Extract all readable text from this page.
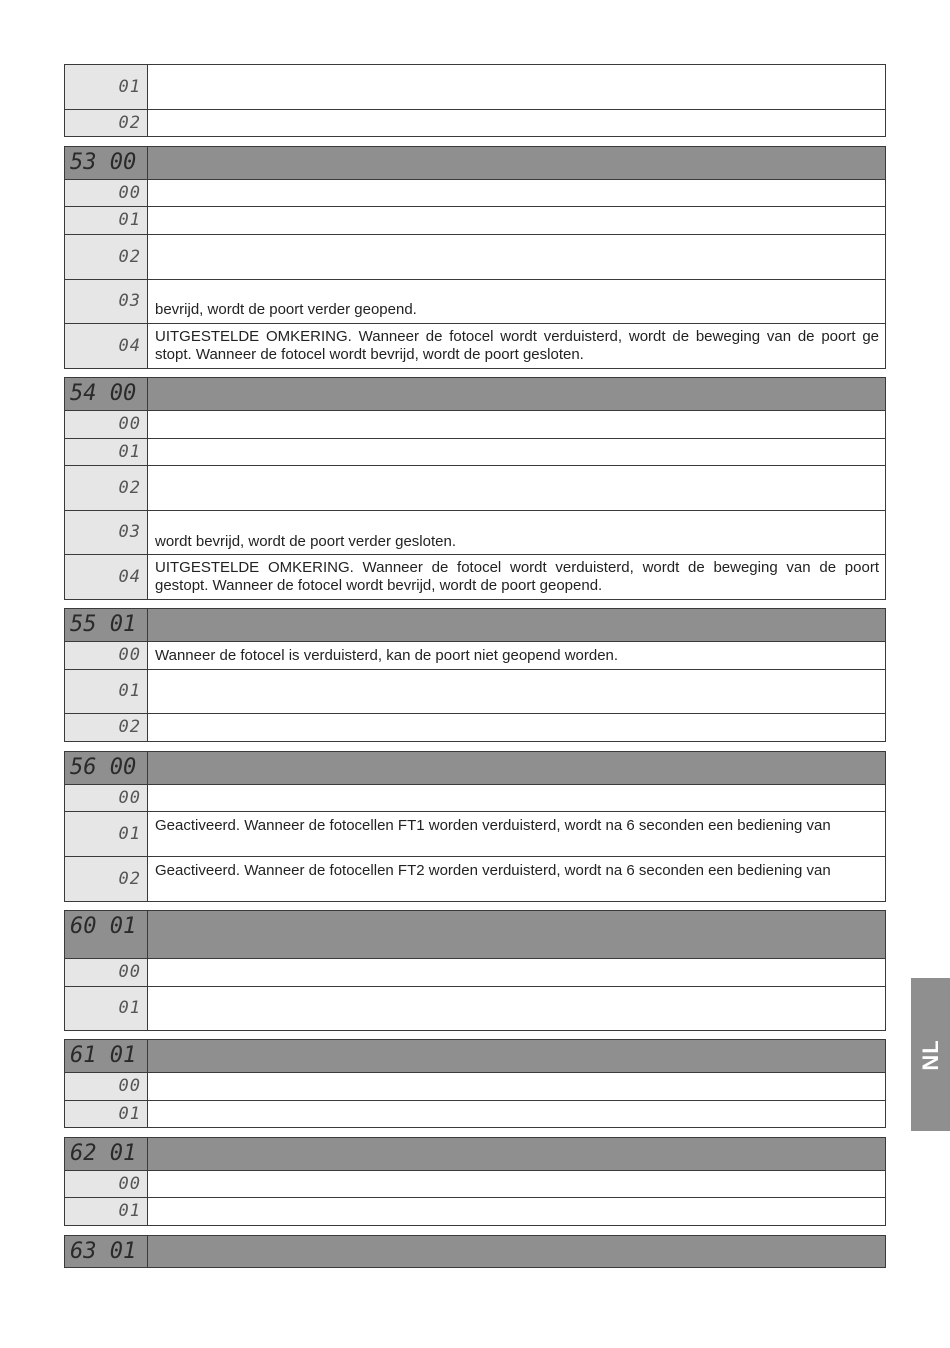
01
02
53 00
00
01
02
03 bevrijd, wordt de poort verder geopend.
04 UITGESTELDE OMKERING. Wanneer de fotocel wordt verduisterd, wordt de beweging van de poort ge stopt. Wanneer de fotocel wordt bevrijd, wordt de poort gesloten.
54 00
00
01
02
03 wordt bevrijd, wordt de poort verder gesloten.
04 UITGESTELDE OMKERING. Wanneer de fotocel wordt verduisterd, wordt de beweging van de poort gestopt. Wanneer de fotocel wordt bevrijd, wordt de poort geopend.
55 01
00 Wanneer de fotocel is verduisterd, kan de poort niet geopend worden.
01
02
56 00
00
01 Geactiveerd. Wanneer de fotocellen FT1 worden verduisterd, wordt na 6 seconden een bediening van
02 Geactiveerd. Wanneer de fotocellen FT2 worden verduisterd, wordt na 6 seconden een bediening van
60 01
00
01
61 01
00
01
62 01
00
01
63 01
NL
